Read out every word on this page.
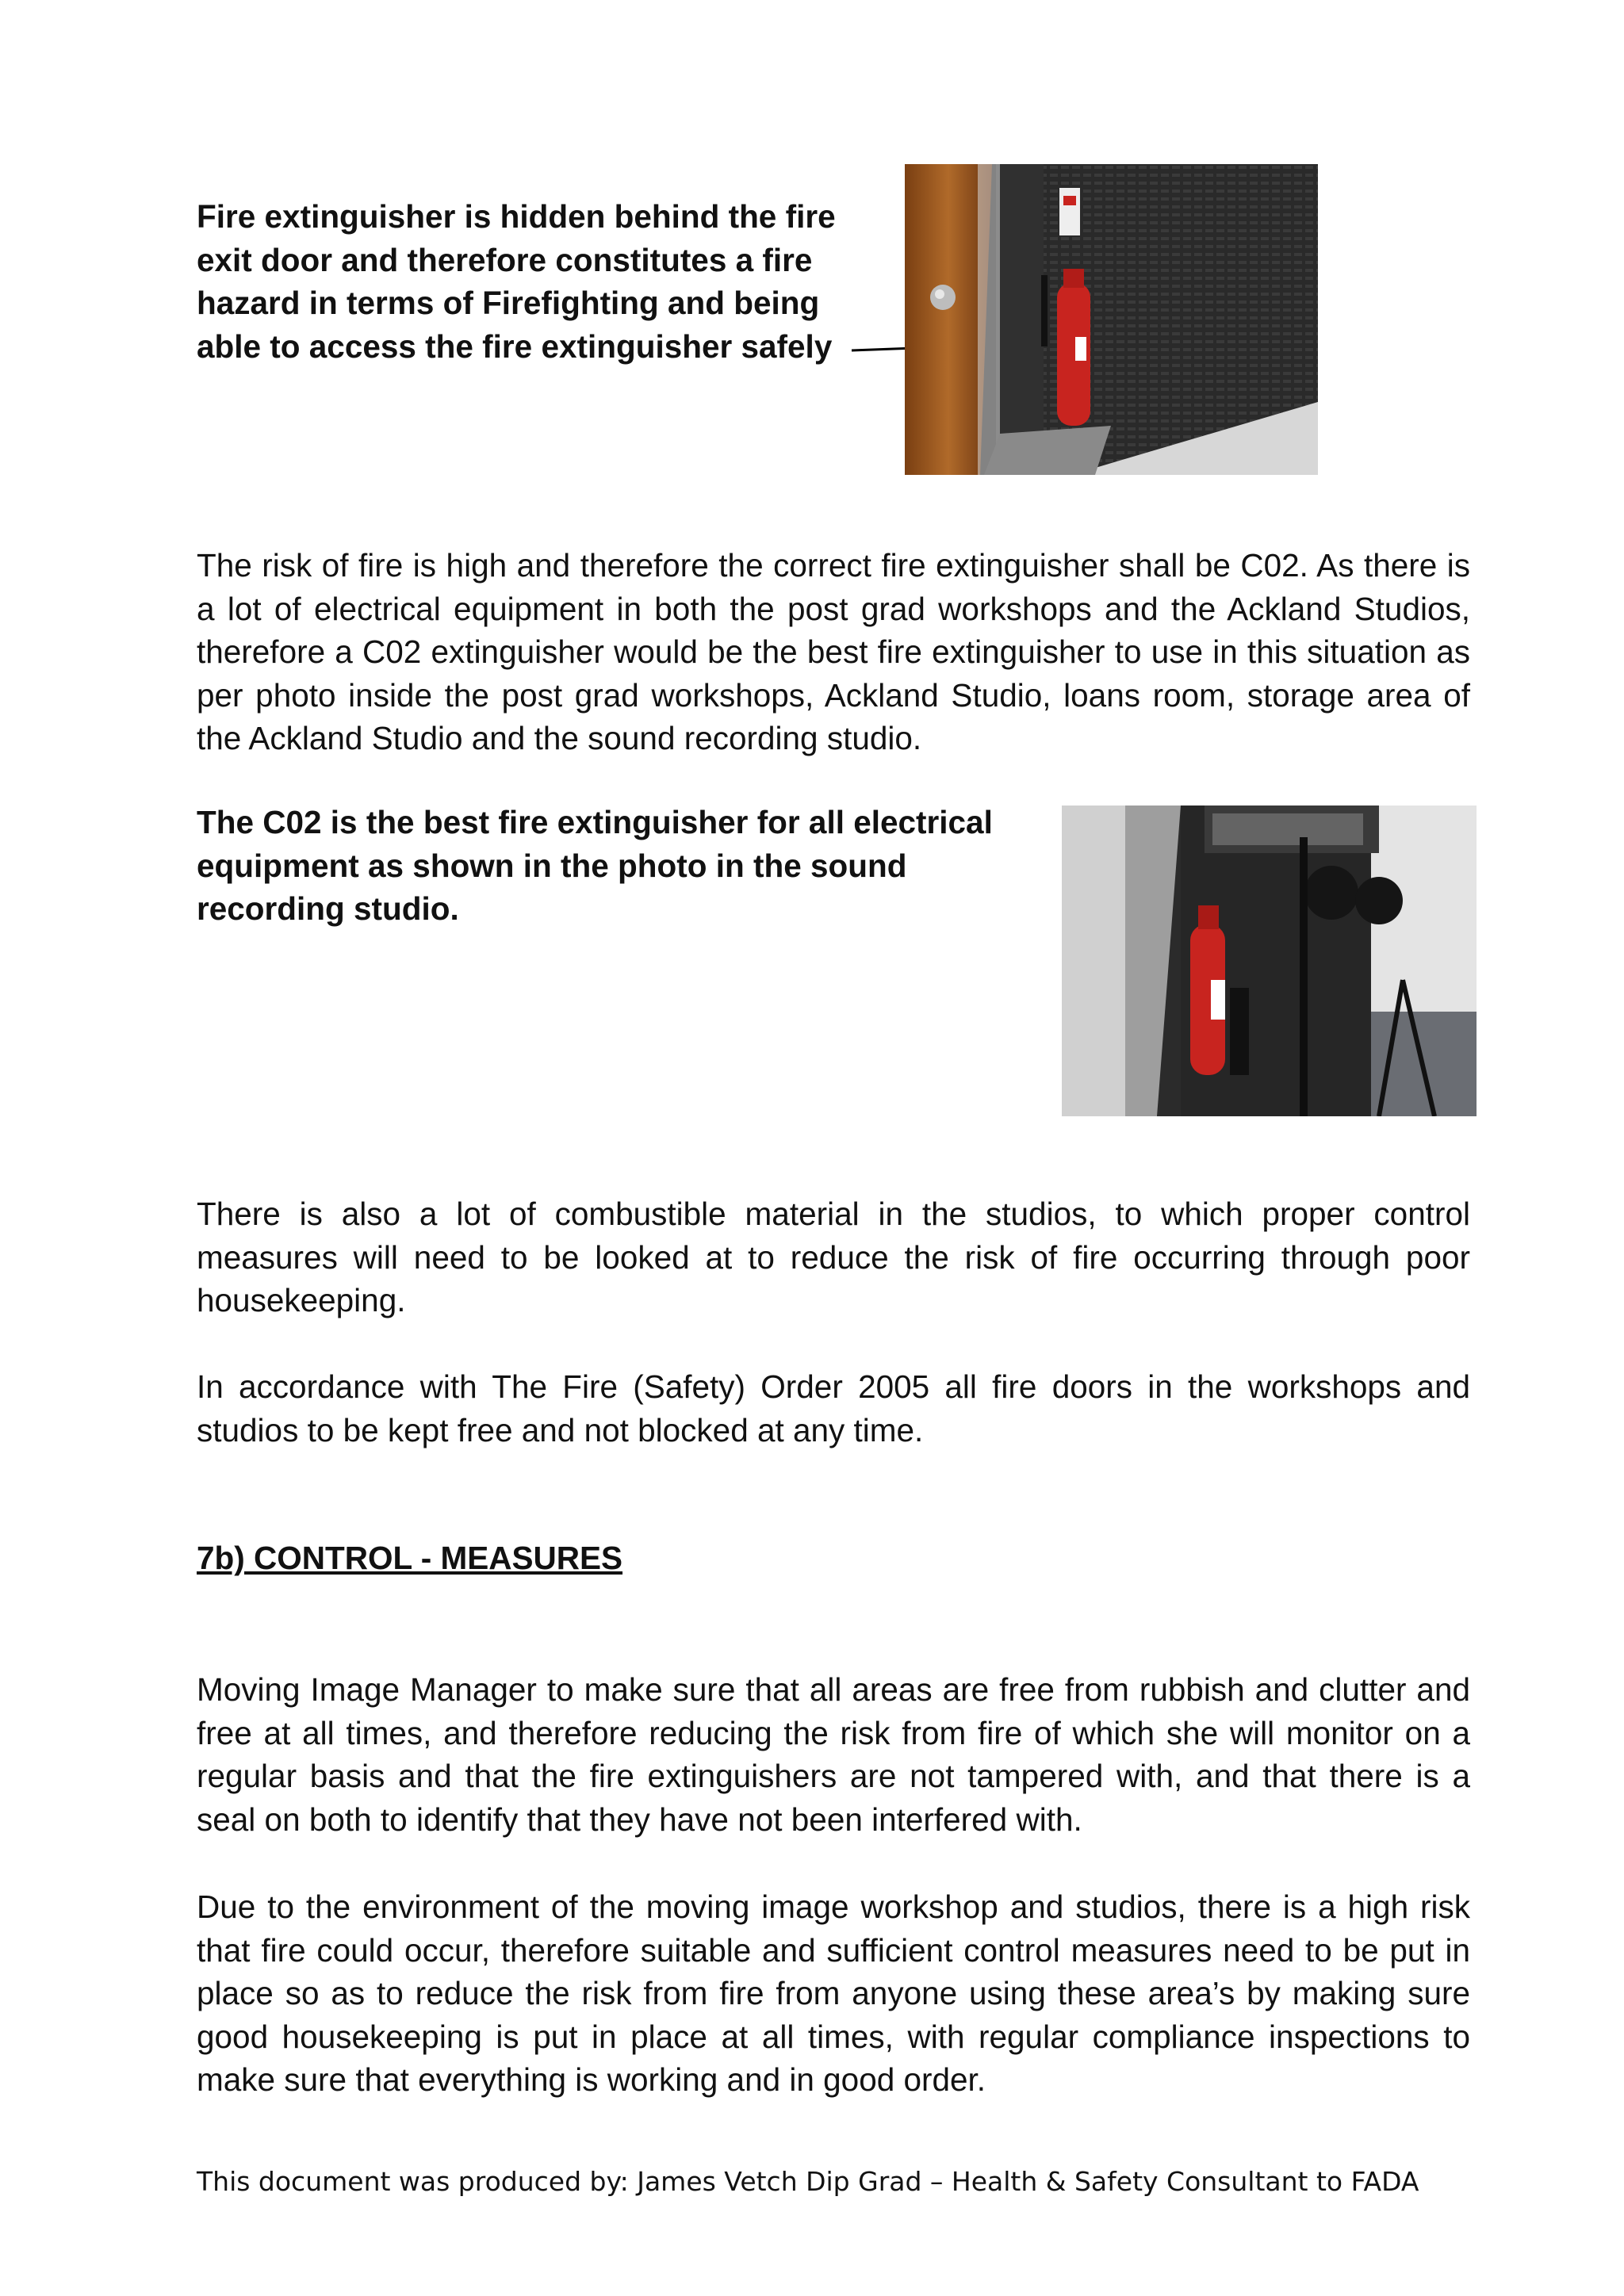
Fire extinguisher is hidden behind the fire exit door and therefore constitutes a fire hazard in terms of Firefighting and being able to access the fire extinguisher safely

The risk of fire is high and therefore the correct fire extinguisher shall be C02. As there is a lot of electrical equipment in both the post grad workshops and the Ackland Studios, therefore a C02 extinguisher would be the best fire extinguisher to use in this situation as per photo inside the post grad workshops, Ackland Studio, loans room, storage area of the Ackland Studio and the sound recording studio.

The C02 is the best fire extinguisher for all electrical equipment as shown in the photo in the sound recording studio.

There is also a lot of combustible material in the studios, to which proper control measures will need to be looked at to reduce the risk of fire occurring through poor housekeeping.

In accordance with The Fire (Safety) Order 2005 all fire doors in the workshops and studios to be kept free and not blocked at any time.

7b) CONTROL - MEASURES

Moving Image Manager to make sure that all areas are free from rubbish and clutter and free at all times, and therefore reducing the risk from fire of which she will monitor on a regular basis and that the fire extinguishers are not tampered with, and that there is a seal on both to identify that they have not been interfered with.

Due to the environment of the moving image workshop and studios, there is a high risk that fire could occur, therefore suitable and sufficient control measures need to be put in place so as to reduce the risk from fire from anyone using these area’s by making sure good housekeeping is put in place at all times, with regular compliance inspections to make sure that everything is working and in good order.

This document was produced by: James Vetch Dip Grad – Health & Safety Consultant to FADA
